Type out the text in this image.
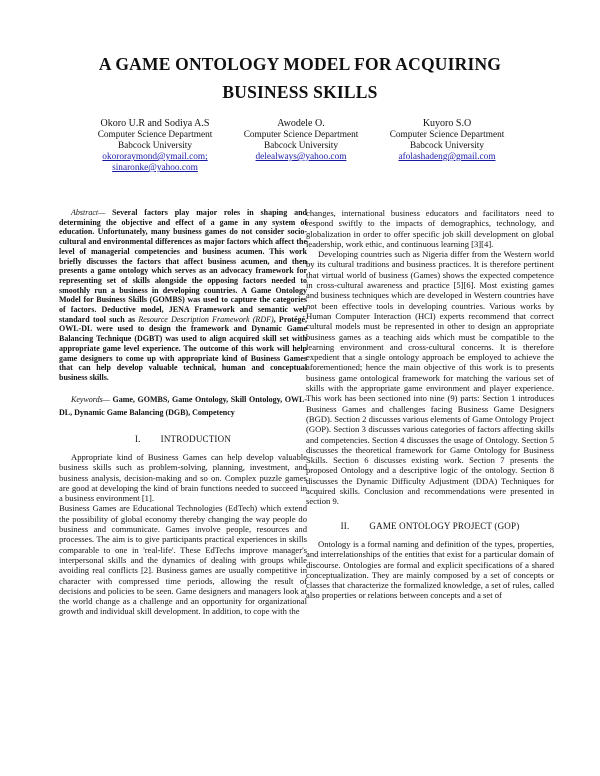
A GAME ONTOLOGY MODEL FOR ACQUIRING
BUSINESS SKILLS
Okoro U.R and Sodiya A.S
Computer Science Department
Babcock University
okororaymond@ymail.com;
sinaronke@yahoo.com
Awodele O.
Computer Science Department
Babcock University
delealways@yahoo.com
Kuyoro S.O
Computer Science Department
Babcock University
afolashadeng@gmail.com

Abstract— Several factors play major roles in shaping and determining the objective and effect of a game in any system of education. Unfortunately, many business games do not consider socio-cultural and environmental differences as major factors which affect the level of managerial competencies and business acumen. This work briefly discusses the factors that affect business acumen, and then presents a game ontology which serves as an advocacy framework for representing set of skills alongside the opposing factors needed to smoothly run a business in developing countries. A Game Ontology Model for Business Skills (GOMBS) was used to capture the categories of factors. Deductive model, JENA Framework and semantic web standard tool such as Resource Description Framework (RDF), Protégé, OWL-DL were used to design the framework and Dynamic Game Balancing Technique (DGBT) was used to align acquired skill set with appropriate game level experience. The outcome of this work will help game designers to come up with appropriate kind of Business Games that can help develop valuable technical, human and conceptual business skills.

Keywords— Game, GOMBS, Game Ontology, Skill Ontology, OWL-DL, Dynamic Game Balancing (DGB), Competency

I. INTRODUCTION

Appropriate kind of Business Games can help develop valuable business skills such as problem-solving, planning, investment, and business analysis, decision-making and so on. Complex puzzle games are good at developing the kind of brain functions needed to succeed in a business environment [1].

Business Games are Educational Technologies (EdTech) which extend the possibility of global economy thereby changing the way people do business and communicate. Games involve people, resources and processes. The aim is to give participants practical experiences in skills comparable to one in 'real-life'. These EdTechs improve manager's interpersonal skills and the dynamics of dealing with groups while avoiding real conflicts [2]. Business games are usually competitive in character with compressed time periods, allowing the result of decisions and policies to be seen. Game designers and managers look at the world change as a challenge and an opportunity for organizational growth and individual skill development. In addition, to cope with the

changes, international business educators and facilitators need to respond swiftly to the impacts of demographics, technology, and globalization in order to offer specific job skill development on global leadership, work ethic, and continuous learning [3][4].

Developing countries such as Nigeria differ from the Western world by its cultural traditions and business practices. It is therefore pertinent that virtual world of business (Games) shows the expected competence in cross-cultural awareness and practice [5][6]. Most existing games and business techniques which are developed in Western countries have not been effective tools in developing countries. Various works by Human Computer Interaction (HCI) experts recommend that correct cultural models must be represented in other to design an appropriate business games as a teaching aids which must be compatible to the learning environment and cross-cultural concerns. It is therefore expedient that a single ontology approach be employed to achieve the aforementioned; hence the main objective of this work is to presents business game ontological framework for matching the various set of skills with the appropriate game environment and player experience. This work has been sectioned into nine (9) parts: Section 1 introduces Business Games and challenges facing Business Game Designers (BGD). Section 2 discusses various elements of Game Ontology Project (GOP). Section 3 discusses various categories of factors affecting skills and competencies. Section 4 discusses the usage of Ontology. Section 5 discusses the theoretical framework for Game Ontology for Business Skills. Section 6 discusses existing work. Section 7 presents the proposed Ontology and a descriptive logic of the ontology. Section 8 discusses the Dynamic Difficulty Adjustment (DDA) Techniques for acquired skills. Conclusion and recommendations were presented in section 9.

II. GAME ONTOLOGY PROJECT (GOP)

Ontology is a formal naming and definition of the types, properties, and interrelationships of the entities that exist for a particular domain of discourse. Ontologies are formal and explicit specifications of a shared conceptualization. They are mainly composed by a set of concepts or classes that characterize the formalized knowledge, a set of rules, called also properties or relations between concepts and a set of
